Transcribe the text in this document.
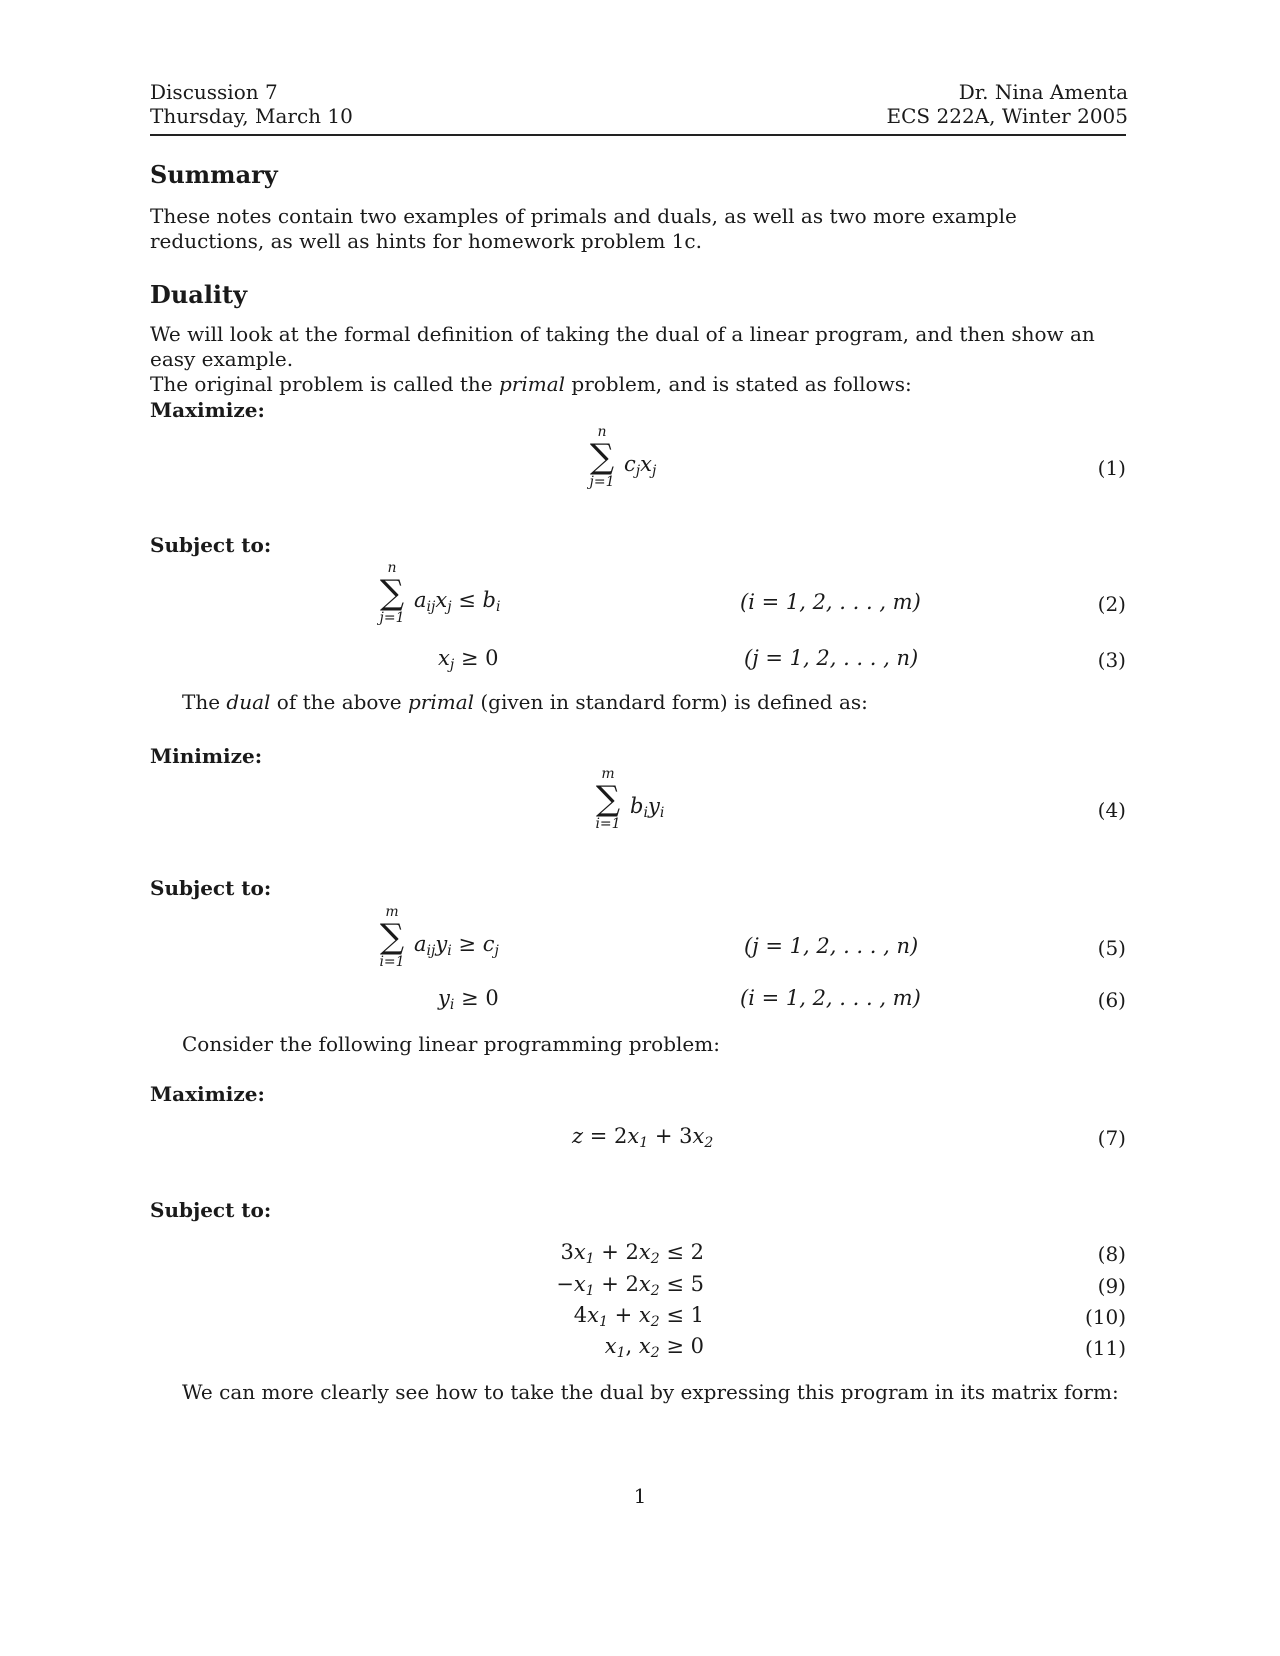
Discussion 7
Thursday, March 10
Dr. Nina Amenta
ECS 222A, Winter 2005
Summary

These notes contain two examples of primals and duals, as well as two more example reductions, as well as hints for homework problem 1c.

Duality

We will look at the formal definition of taking the dual of a linear program, and then show an easy example.
The original problem is called the primal problem, and is stated as follows:

Maximize:
n
∑
j=1
$c_jx_j$	(1)
Subject to:
n
∑
j=1
$a_{ij}x_j \le b_i$	(i = 1, 2, . . . , m)	(2)
$x_j \ge 0$	(j = 1, 2, . . . , n)	(3)
The dual of the above primal (given in standard form) is defined as:
Minimize:
m
∑
i=1
$b_iy_i$	(4)
Subject to:
m
∑
i=1
$a_{ij}y_i \ge c_j$	(j = 1, 2, . . . , n)	(5)
$y_i \ge 0$	(i = 1, 2, . . . , m)	(6)
Consider the following linear programming problem:
Maximize:
$z = 2x_1 + 3x_2$	(7)
Subject to:
$3x_1 + 2x_2 \le 2$	(8)
$-x_1 + 2x_2 \le 5$	(9)
$4x_1 + x_2 \le 1$	(10)
$x_1$, $x_2 \ge 0$	(11)
We can more clearly see how to take the dual by expressing this program in its matrix form:
1
